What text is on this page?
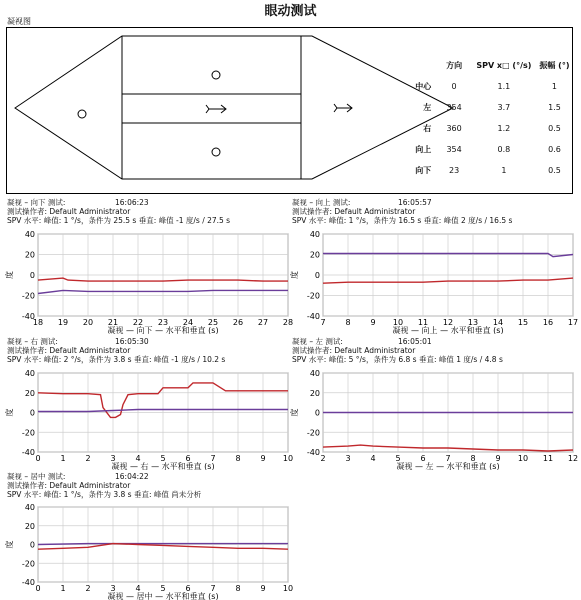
眼动测试
凝视图
	方向	SPV x□ (°/s)	振幅 (°)
中心	0	1.1	1
左	354	3.7	1.5
右	360	1.2	0.5
向上	354	0.8	0.6
向下	23	1	0.5
凝视 – 向下 测试:	16:06:23
测试操作者: Default Administrator
SPV 水平: 峰值: 1 °/s，条件为 25.5 s 垂直: 峰值 -1 度/s / 27.5 s
凝视 – 向上 测试:	16:05:57
测试操作者: Default Administrator
SPV 水平: 峰值: 1 °/s，条件为 16.5 s 垂直: 峰值 2 度/s / 16.5 s
凝视 – 右 测试:	16:05:30
测试操作者: Default Administrator
SPV 水平: 峰值: 2 °/s，条件为 3.8 s 垂直: 峰值 -1 度/s / 10.2 s
凝视 – 左 测试:	16:05:01
测试操作者: Default Administrator
SPV 水平: 峰值: 5 °/s，条件为 6.8 s 垂直: 峰值 1 度/s / 4.8 s
凝视 – 居中 测试:	16:04:22
测试操作者: Default Administrator
SPV 水平: 峰值: 1 °/s，条件为 3.8 s 垂直: 峰值 尚未分析
18 19 20 21 22 23 24 25 26 27 28
40
20
0
-20
-40
度
凝视 — 向下 — 水平和垂直 (s)
7 8 9 10 11 12 13 14 15 16 17
40
20
0
-20
-40
度
凝视 — 向上 — 水平和垂直 (s)
0 1 2 3 4 5 6 7 8 9 10
40
20
0
-20
-40
度
凝视 — 右 — 水平和垂直 (s)
2 3 4 5 6 7 8 9 10 11 12
40
20
0
-20
-40
度
凝视 — 左 — 水平和垂直 (s)
0 1 2 3 4 5 6 7 8 9 10
40
20
0
-20
-40
度
凝视 — 居中 — 水平和垂直 (s)
